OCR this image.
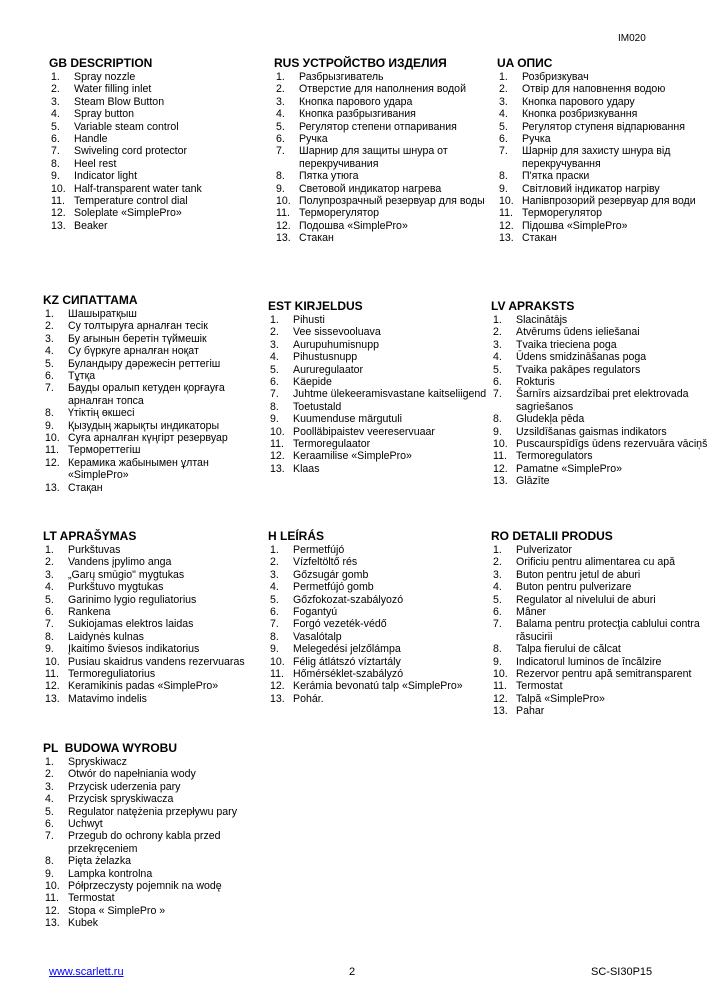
IM020
GB DESCRIPTION
1. Spray nozzle
2. Water filling inlet
3. Steam Blow Button
4. Spray button
5. Variable steam control
6. Handle
7. Swiveling cord protector
8. Heel rest
9. Indicator light
10. Half-transparent water tank
11. Temperature control dial
12. Soleplate «SimplePro»
13. Beaker
RUS УСТРОЙСТВО ИЗДЕЛИЯ
1. Разбрызгиватель
2. Отверстие для наполнения водой
3. Кнопка парового удара
4. Кнопка разбрызгивания
5. Регулятор степени отпаривания
6. Ручка
7. Шарнир для защиты шнура от перекручивания
8. Пятка утюга
9. Световой индикатор нагрева
10. Полупрозрачный резервуар для воды
11. Терморегулятор
12. Подошва «SimplePro»
13. Стакан
UA ОПИС
1. Розбризкувач
2. Отвір для наповнення водою
3. Кнопка парового удару
4. Кнопка розбризкування
5. Регулятор ступеня відпарювання
6. Ручка
7. Шарнір для захисту шнура від перекручування
8. П'ятка праски
9. Світловий індикатор нагріву
10. Напівпрозорий резервуар для води
11. Терморегулятор
12. Підошва «SimplePro»
13. Стакан
KZ СИПАТТАМА
1. Шашыратқыш
2. Су толтыруға арналған тесік
3. Бу ағынын беретін түймешік
4. Су бүркуге арналған ноқат
5. Буландыру дәрежесін реттегіш
6. Тұтқа
7. Бауды оралып кетуден қорғауға арналған топса
8. Үтіктің өкшесі
9. Қызудың жарықты индикаторы
10. Суға арналған күңгірт резервуар
11. Термореттегіш
12. Керамика жабынымен ұлтан «SimplePro»
13. Стақан
EST KIRJELDUS
1. Pihusti
2. Vee sissevooluava
3. Aurupuhumisnupp
4. Pihustusnupp
5. Aururegulaator
6. Käepide
7. Juhtme ülekeeramisvastane kaitseliigend
8. Toetustald
9. Kuumenduse märgutuli
10. Poolläbipaistev veereservuaar
11. Termoregulaator
12. Keraamilise «SimplePro»
13. Klaas
LV APRAKSTS
1. Slacinātājs
2. Atvērums ūdens ieliešanai
3. Tvaika trieciena poga
4. Ūdens smidzināšanas poga
5. Tvaika pakāpes regulators
6. Rokturis
7. Šarnīrs aizsardzībai pret elektrovada sagriešanos
8. Gludekļa pēda
9. Uzsildīšanas gaismas indikators
10. Puscaurspīdīgs ūdens rezervuāra vāciņš
11. Termoregulators
12. Pamatne «SimplePro»
13. Glāzīte
LT APRAŠYMAS
1. Purkštuvas
2. Vandens įpylimo anga
3. „Garų smūgio" mygtukas
4. Purkštuvo mygtukas
5. Garinimo lygio reguliatorius
6. Rankena
7. Sukiojamas elektros laidas
8. Laidynės kulnas
9. Įkaitimo šviesos indikatorius
10. Pusiau skaidrus vandens rezervuaras
11. Termoreguliatorius
12. Keramikinis padas «SimplePro»
13. Matavimo indelis
H LEÍRÁS
1. Permetfújó
2. Vízfeltöltő rés
3. Gőzsugár gomb
4. Permetfújó gomb
5. Gőzfokozat-szabályozó
6. Fogantyú
7. Forgó vezeték-védő
8. Vasalótalp
9. Melegedési jelzőlámpa
10. Félig átlátszó víztartály
11. Hőmérséklet-szabályzó
12. Kerámia bevonatú talp «SimplePro»
13. Pohár.
RO DETALII PRODUS
1. Pulverizator
2. Orificiu pentru alimentarea cu apă
3. Buton pentru jetul de aburi
4. Buton pentru pulverizare
5. Regulator al nivelului de aburi
6. Mâner
7. Balama pentru protecţia cablului contra răsucirii
8. Talpa fierului de călcat
9. Indicatorul luminos de încălzire
10. Rezervor pentru apă semitransparent
11. Termostat
12. Talpă «SimplePro»
13. Pahar
PL  BUDOWA WYROBU
1. Spryskiwacz
2. Otwór do napełniania wody
3. Przycisk uderzenia pary
4. Przycisk spryskiwacza
5. Regulator natężenia przepływu pary
6. Uchwyt
7. Przegub do ochrony kabla przed przekręceniem
8. Pięta żelazka
9. Lampka kontrolna
10. Półprzeczysty pojemnik na wodę
11. Termostat
12. Stopa « SimplePro »
13. Kubek
www.scarlett.ru	2	SC-SI30P15
